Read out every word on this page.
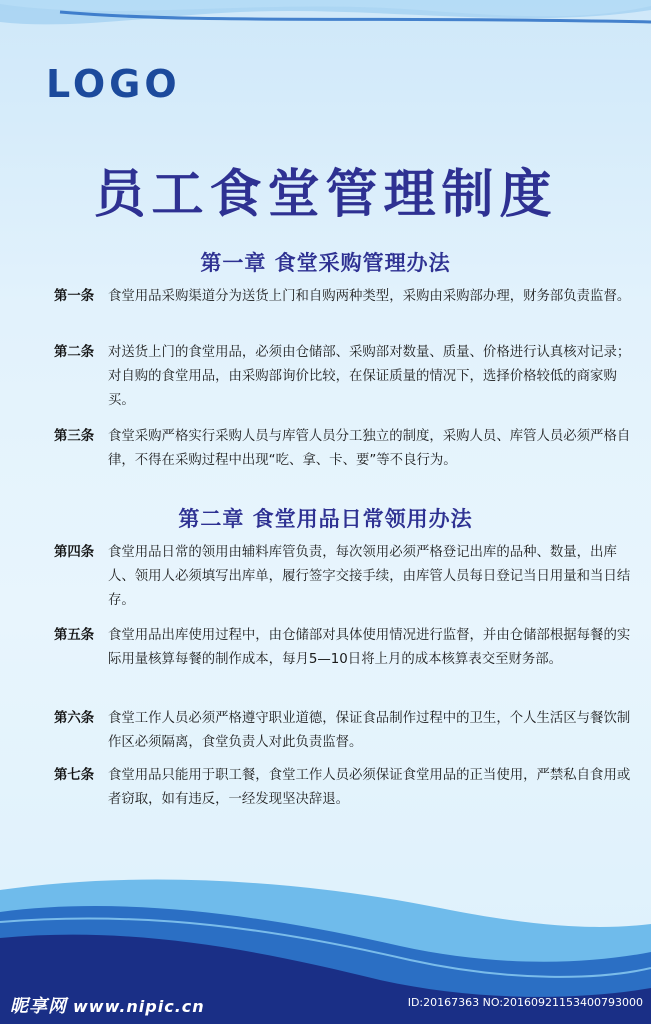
LOGO
员工食堂管理制度
第一章 食堂采购管理办法
第一条	食堂用品采购渠道分为送货上门和自购两种类型，采购由采购部办理，财务部负责监督。
第二条	对送货上门的食堂用品，必须由仓储部、采购部对数量、质量、价格进行认真核对记录；对自购的食堂用品，由采购部询价比较，在保证质量的情况下，选择价格较低的商家购买。
第三条	食堂采购严格实行采购人员与库管人员分工独立的制度，采购人员、库管人员必须严格自律，不得在采购过程中出现“吃、拿、卡、要”等不良行为。
第二章 食堂用品日常领用办法
第四条	食堂用品日常的领用由辅料库管负责，每次领用必须严格登记出库的品种、数量，出库人、领用人必须填写出库单，履行签字交接手续，由库管人员每日登记当日用量和当日结存。
第五条	食堂用品出库使用过程中，由仓储部对具体使用情况进行监督，并由仓储部根据每餐的实际用量核算每餐的制作成本，每月5—10日将上月的成本核算表交至财务部。
第六条	食堂工作人员必须严格遵守职业道德，保证食品制作过程中的卫生，个人生活区与餐饮制作区必须隔离，食堂负责人对此负责监督。
第七条	食堂用品只能用于职工餐，食堂工作人员必须保证食堂用品的正当使用，严禁私自食用或者窃取，如有违反，一经发现坚决辞退。
昵享网 www.nipic.cn	ID:20167363 NO:20160921153400793000
